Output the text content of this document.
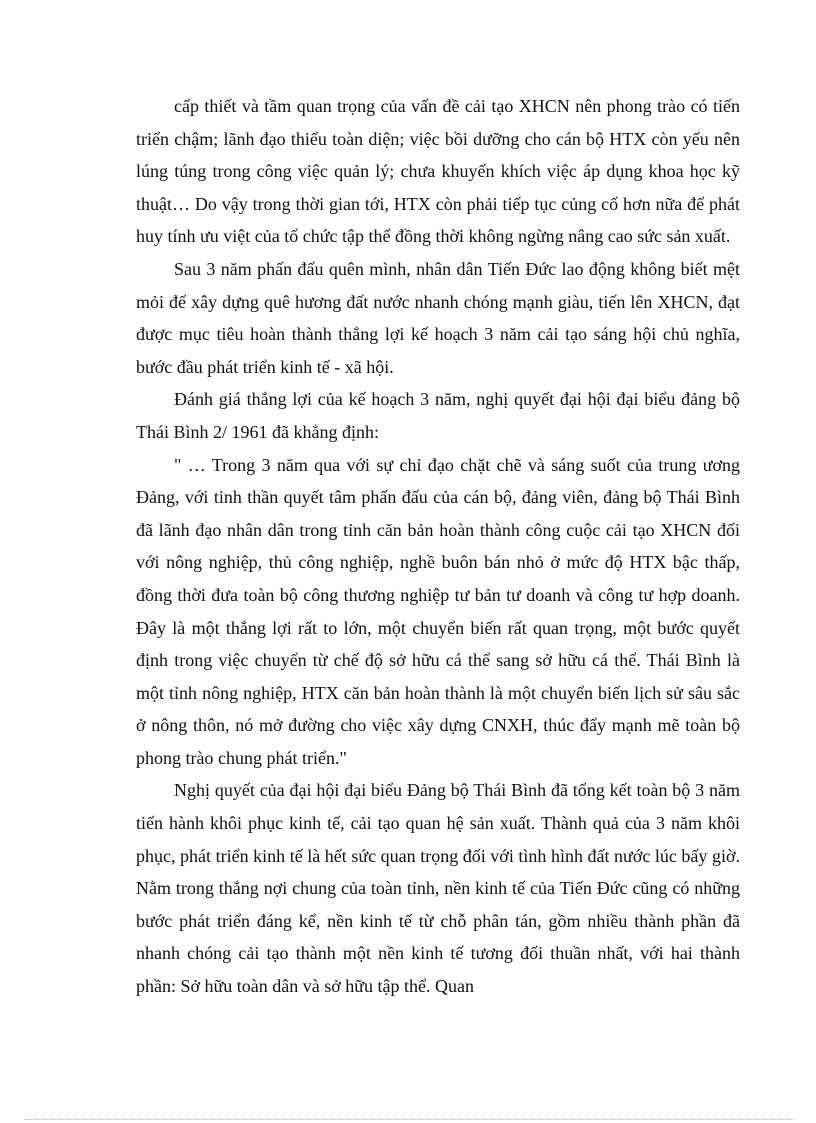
cấp thiết và tầm quan trọng của vấn đề cải tạo XHCN nên phong trào có tiến triển chậm; lãnh đạo thiếu toàn diện; việc bồi dưỡng cho cán bộ HTX còn yếu nên lúng túng trong công việc quản lý; chưa khuyến khích việc áp dụng khoa học kỹ thuật… Do vậy trong thời gian tới, HTX còn phải tiếp tục củng cố hơn nữa để phát huy tính ưu việt của tổ chức tập thể đồng thời không ngừng nâng cao sức sản xuất.

Sau 3 năm phấn đấu quên mình, nhân dân Tiến Đức lao động không biết mệt mỏi để xây dựng quê hương đất nước nhanh chóng mạnh giàu, tiến lên XHCN, đạt được mục tiêu hoàn thành thắng lợi kế hoạch 3 năm cải tạo sáng hội chủ nghĩa, bước đầu phát triển kinh tế - xã hội.

Đánh giá thắng lợi của kế hoạch 3 năm, nghị quyết đại hội đại biểu đảng bộ Thái Bình 2/ 1961 đã khẳng định:

" … Trong 3 năm qua với sự chỉ đạo chặt chẽ và sáng suốt của trung ương Đảng, với tinh thần quyết tâm phấn đấu của cán bộ, đảng viên, đảng bộ Thái Bình đã lãnh đạo nhân dân trong tỉnh căn bản hoàn thành công cuộc cải tạo XHCN đối với nông nghiệp, thủ công nghiệp, nghề buôn bán nhỏ ở mức độ HTX bậc thấp, đồng thời đưa toàn bộ công thương nghiệp tư bản tư doanh và công tư hợp doanh. Đây là một thắng lợi rất to lớn, một chuyển biến rất quan trọng, một bước quyết định trong việc chuyển từ chế độ sở hữu cá thể sang sở hữu cá thể. Thái Bình là một tỉnh nông nghiệp, HTX căn bản hoàn thành là một chuyển biến lịch sử sâu sắc ở nông thôn, nó mở đường cho việc xây dựng CNXH, thúc đẩy mạnh mẽ toàn bộ phong trào chung phát triển."

Nghị quyết của đại hội đại biểu Đảng bộ Thái Bình đã tổng kết toàn bộ 3 năm tiến hành khôi phục kinh tế, cải tạo quan hệ sản xuất. Thành quả của 3 năm khôi phục, phát triển kinh tế là hết sức quan trọng đối với tình hình đất nước lúc bấy giờ. Nằm trong thắng nợi chung của toàn tỉnh, nền kinh tế của Tiến Đức cũng có những bước phát triển đáng kể, nền kinh tế từ chỗ phân tán, gồm nhiều thành phần đã nhanh chóng cải tạo thành một nền kinh tế tương đối thuần nhất, với hai thành phần: Sở hữu toàn dân và sở hữu tập thể. Quan
